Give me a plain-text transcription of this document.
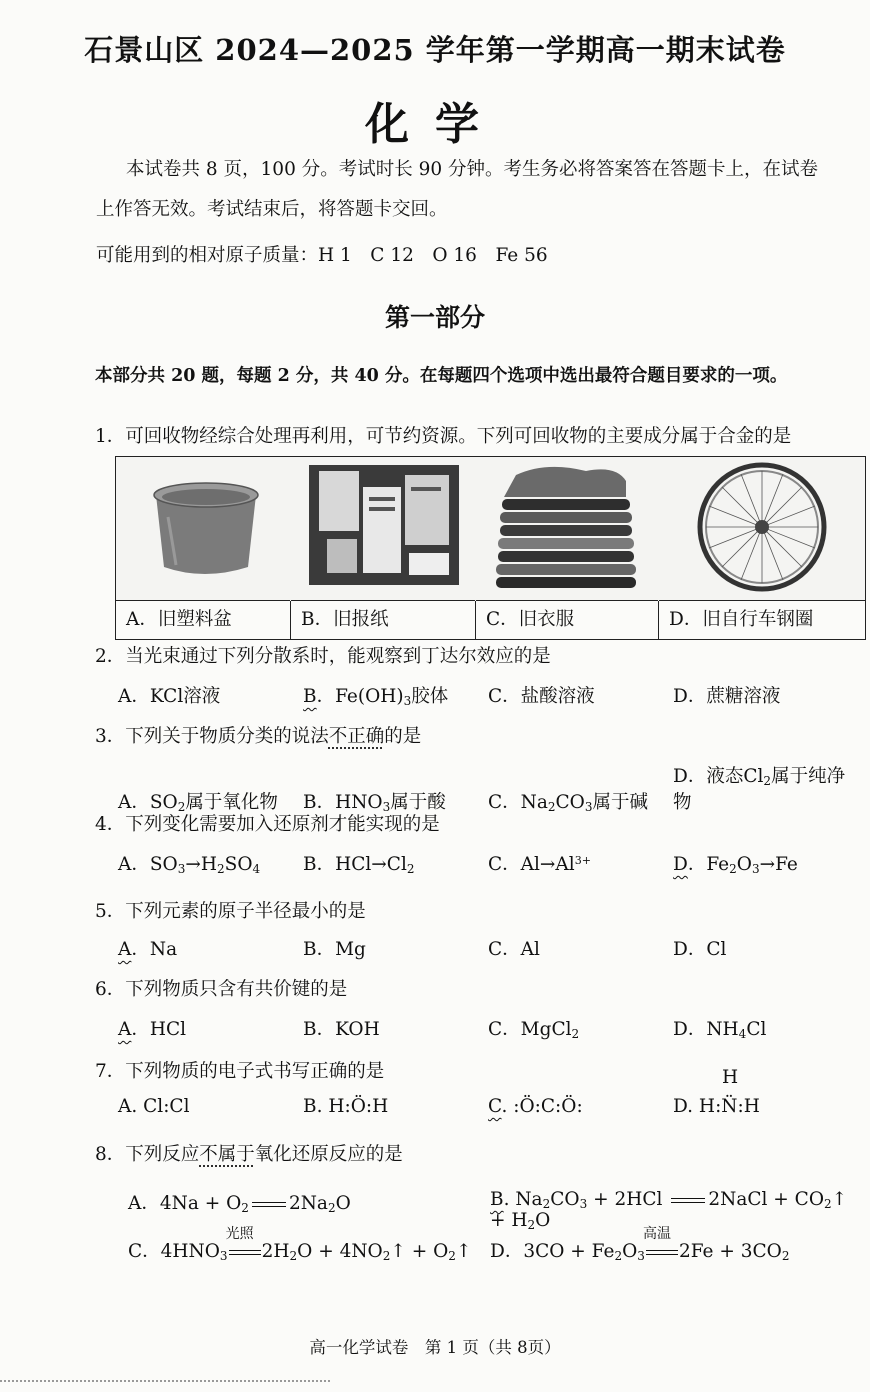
石景山区 2024—2025 学年第一学期高一期末试卷
化学
本试卷共 8 页，100 分。考试时长 90 分钟。考生务必将答案答在答题卡上，在试卷上作答无效。考试结束后，将答题卡交回。
可能用到的相对原子质量：H 1　C 12　O 16　Fe 56
第一部分
本部分共 20 题，每题 2 分，共 40 分。在每题四个选项中选出最符合题目要求的一项。
1．可回收物经综合处理再利用，可节约资源。下列可回收物的主要成分属于合金的是
A．旧塑料盆	B．旧报纸	C．旧衣服	D．旧自行车钢圈
2．当光束通过下列分散系时，能观察到丁达尔效应的是
A．KCl溶液	B．$Fe(OH)_3$胶体	C．盐酸溶液	D．蔗糖溶液
3．下列关于物质分类的说法不正确的是
A．$SO_2$属于氧化物	B．$HNO_3$属于酸	C．$Na_2CO_3$属于碱
D．液态$Cl_2$属于纯净物
4．下列变化需要加入还原剂才能实现的是
A．$SO_3\to H_2SO_4$	B．$HCl\to Cl_2$	C．$Al\to Al^{3+}$	D．$Fe_2O_3\to Fe$
5．下列元素的原子半径最小的是
A．Na	B．Mg	C．Al	D．Cl
6．下列物质只含有共价键的是
A．HCl	B．KOH	C．MgCl$_2$	D．$NH_4Cl$
7．下列物质的电子式书写正确的是	H
A. Cl:Cl	B. H:Ö:H	C. :Ö:C:Ö:	D. H:N̈:H
8．下列反应不属于氧化还原反应的是
A．$4Na + O_2$ $2Na_2O$	B. $Na_2CO_3 + 2HCl$ 2NaCl + $CO_2↑ + H_2O$
C．$4HNO_3$
光照
$2H_2O$ + $4NO_2↑$ + $O_2↑$	D．$3CO + Fe_2O_3$
高温
$2Fe + 3CO_2$
高一化学试卷　第 1 页（共 8页）
